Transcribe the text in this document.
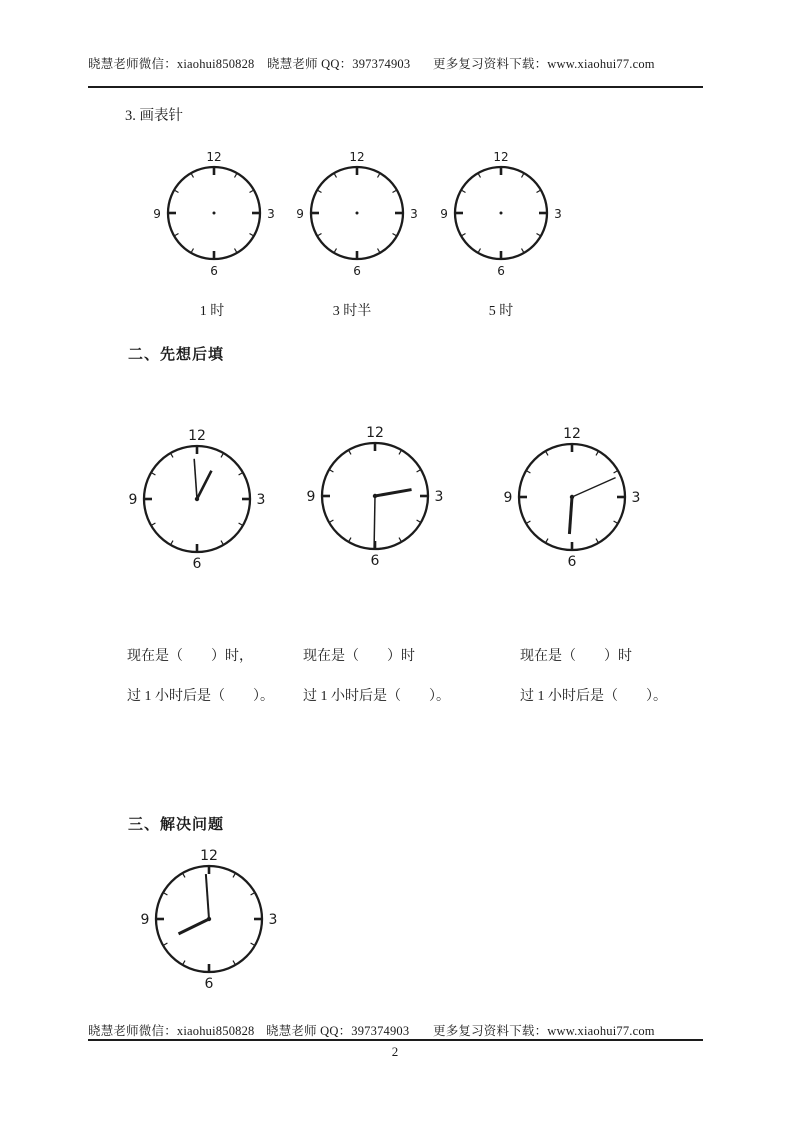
晓慧老师微信：xiaohui850828 晓慧老师 QQ：397374903 更多复习资料下载：www.xiaohui77.com
3. 画表针
12
3
6
9
12
3
6
9
12
3
6
9
1 时	3 时半	5 时
二、先想后填
12
3
6
9
12
3
6
9
12
3
6
9
现在是（　　）时，	现在是（　　）时	现在是（　　）时
过 1 小时后是（　　）。 过 1 小时后是（　　）。	过 1 小时后是（　　）。
三、解决问题
12
3
6
9
晓慧老师微信：xiaohui850828 晓慧老师 QQ：397374903 更多复习资料下载：www.xiaohui77.com
2
